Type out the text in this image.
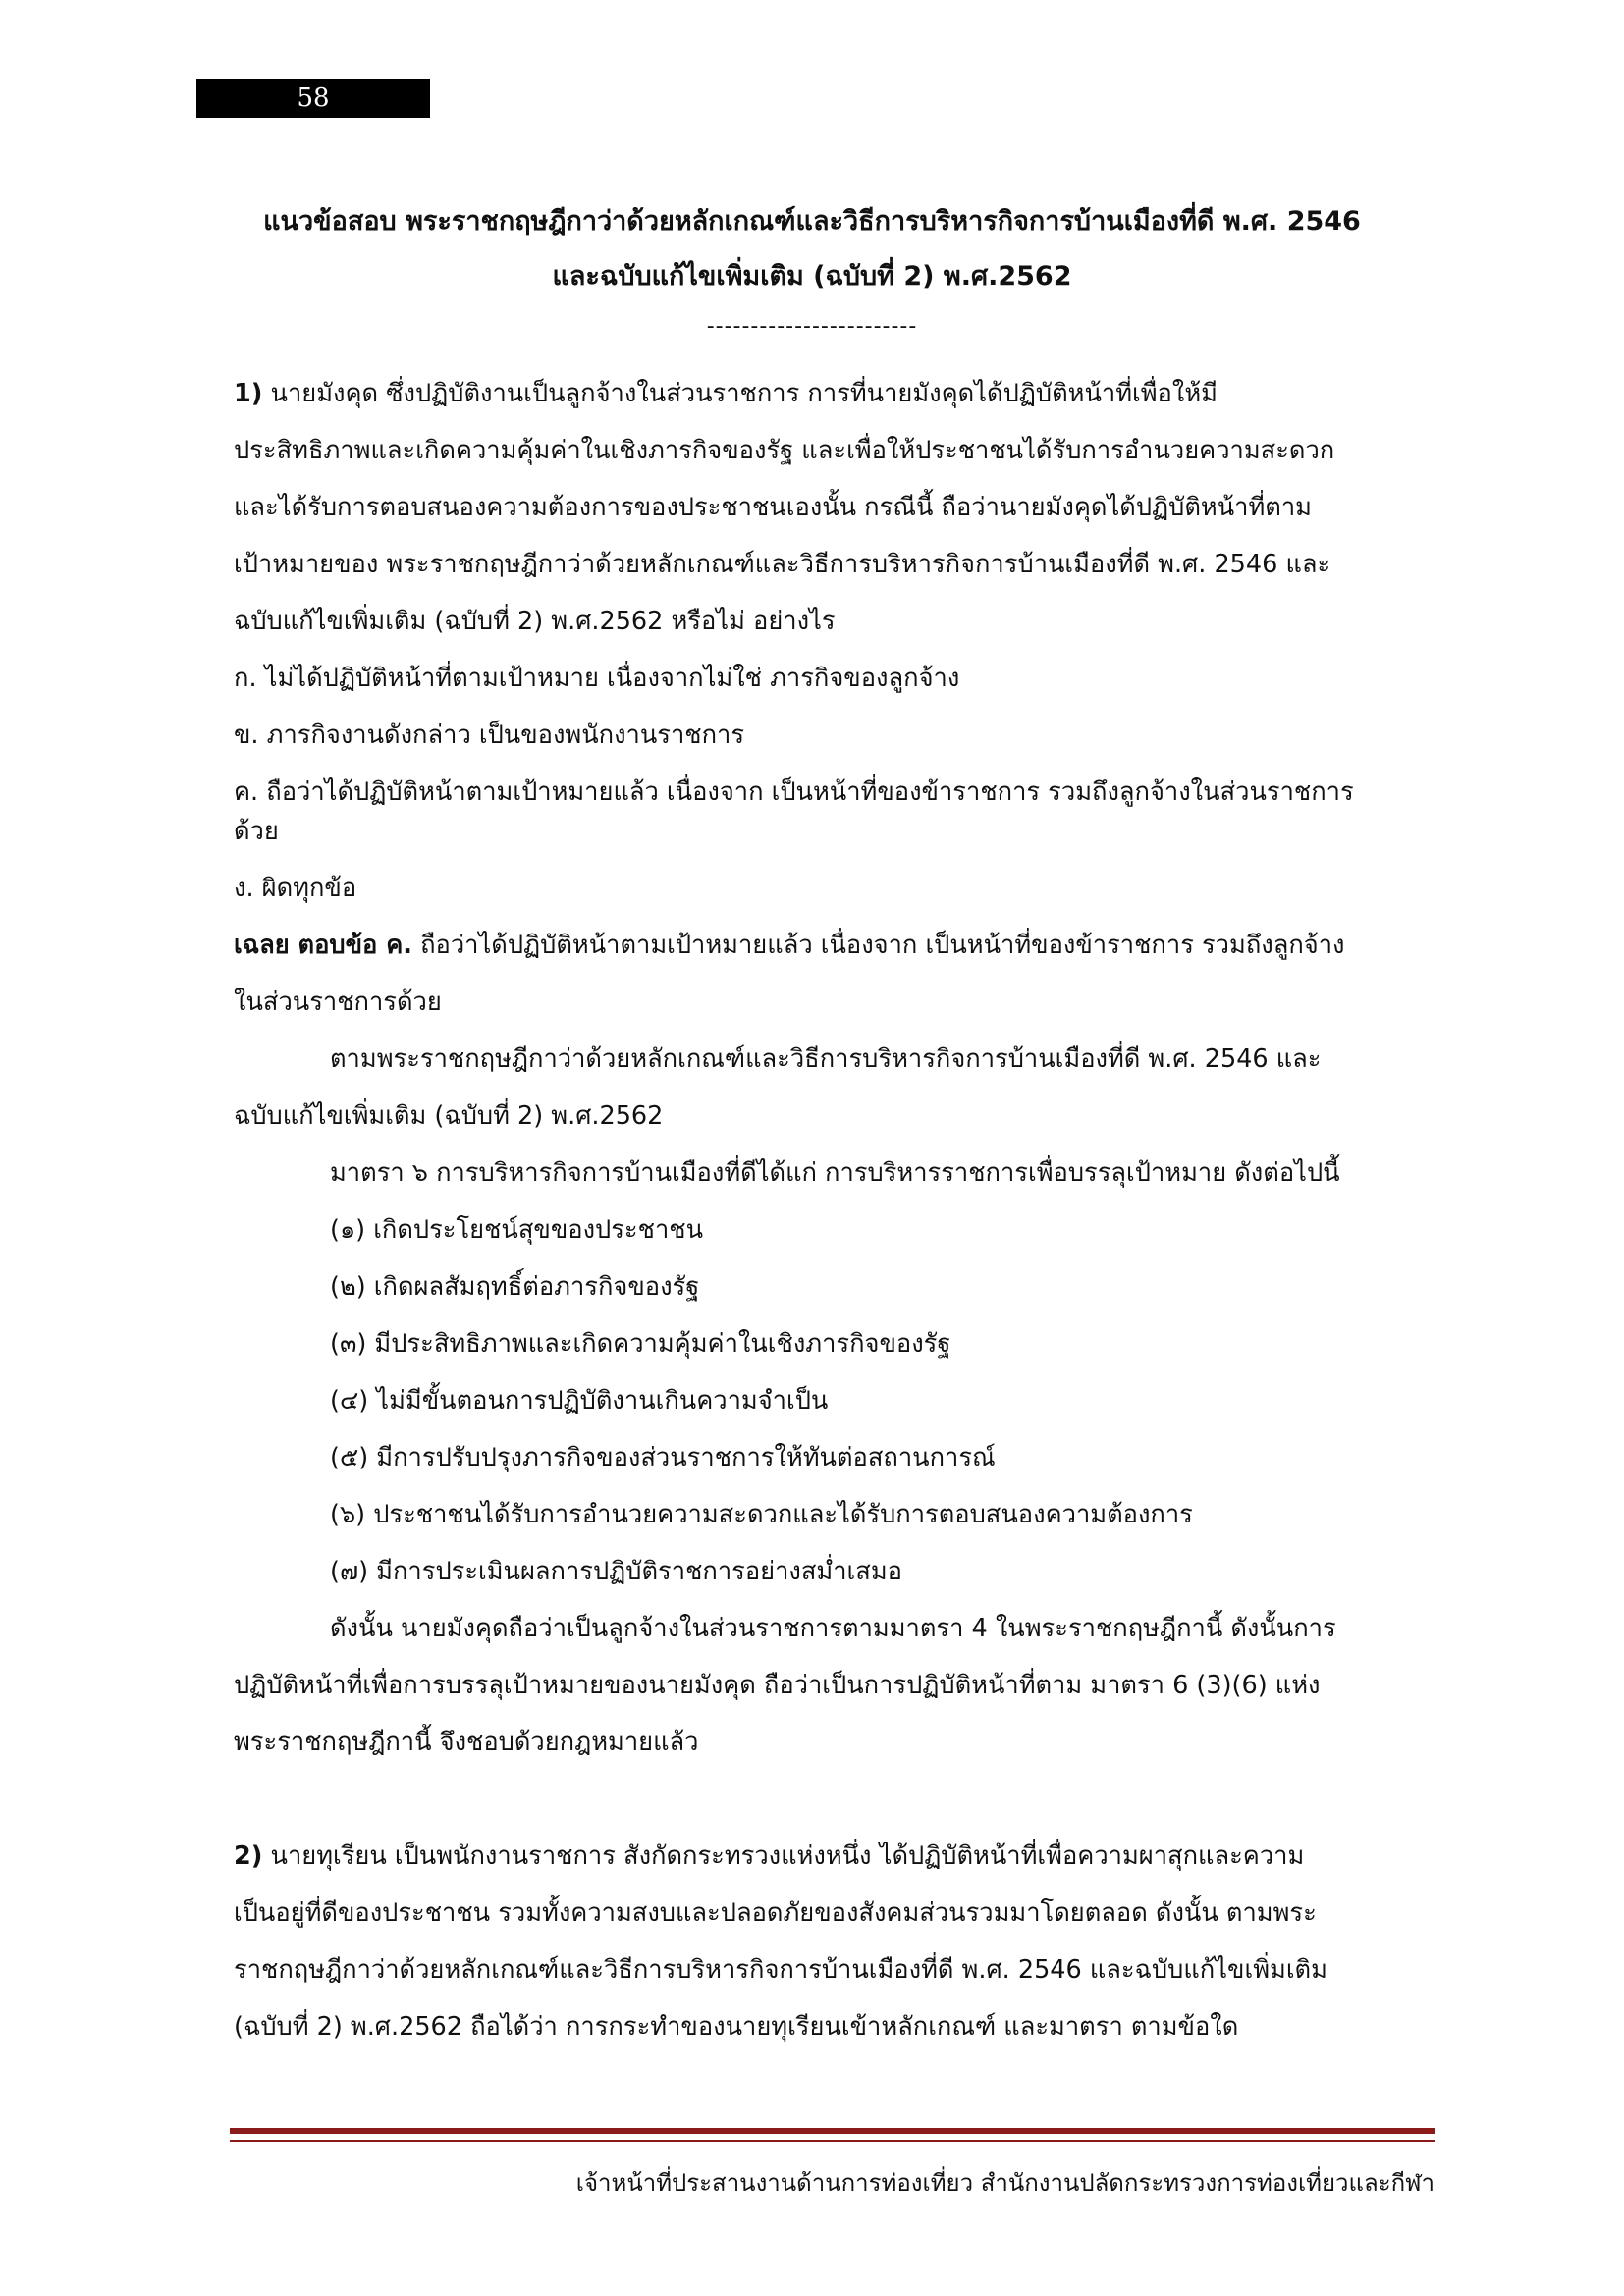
58
แนวข้อสอบ พระราชกฤษฎีกาว่าด้วยหลักเกณฑ์และวิธีการบริหารกิจการบ้านเมืองที่ดี พ.ศ. 2546
และฉบับแก้ไขเพิ่มเติม (ฉบับที่ 2) พ.ศ.2562
------------------------

1) นายมังคุด ซึ่งปฏิบัติงานเป็นลูกจ้างในส่วนราชการ การที่นายมังคุดได้ปฏิบัติหน้าที่เพื่อให้มี

ประสิทธิภาพและเกิดความคุ้มค่าในเชิงภารกิจของรัฐ และเพื่อให้ประชาชนได้รับการอำนวยความสะดวก

และได้รับการตอบสนองความต้องการของประชาชนเองนั้น กรณีนี้ ถือว่านายมังคุดได้ปฏิบัติหน้าที่ตาม

เป้าหมายของ พระราชกฤษฎีกาว่าด้วยหลักเกณฑ์และวิธีการบริหารกิจการบ้านเมืองที่ดี พ.ศ. 2546 และ

ฉบับแก้ไขเพิ่มเติม (ฉบับที่ 2) พ.ศ.2562 หรือไม่ อย่างไร

ก. ไม่ได้ปฏิบัติหน้าที่ตามเป้าหมาย เนื่องจากไม่ใช่ ภารกิจของลูกจ้าง

ข. ภารกิจงานดังกล่าว เป็นของพนักงานราชการ

ค. ถือว่าได้ปฏิบัติหน้าตามเป้าหมายแล้ว เนื่องจาก เป็นหน้าที่ของข้าราชการ รวมถึงลูกจ้างในส่วนราชการ

ด้วย

ง. ผิดทุกข้อ

เฉลย ตอบข้อ ค. ถือว่าได้ปฏิบัติหน้าตามเป้าหมายแล้ว เนื่องจาก เป็นหน้าที่ของข้าราชการ รวมถึงลูกจ้าง

ในส่วนราชการด้วย

ตามพระราชกฤษฎีกาว่าด้วยหลักเกณฑ์และวิธีการบริหารกิจการบ้านเมืองที่ดี พ.ศ. 2546 และ

ฉบับแก้ไขเพิ่มเติม (ฉบับที่ 2) พ.ศ.2562

มาตรา ๖ การบริหารกิจการบ้านเมืองที่ดีได้แก่ การบริหารราชการเพื่อบรรลุเป้าหมาย ดังต่อไปนี้

(๑) เกิดประโยชน์สุขของประชาชน

(๒) เกิดผลสัมฤทธิ์ต่อภารกิจของรัฐ

(๓) มีประสิทธิภาพและเกิดความคุ้มค่าในเชิงภารกิจของรัฐ

(๔) ไม่มีขั้นตอนการปฏิบัติงานเกินความจำเป็น

(๕) มีการปรับปรุงภารกิจของส่วนราชการให้ทันต่อสถานการณ์

(๖) ประชาชนได้รับการอำนวยความสะดวกและได้รับการตอบสนองความต้องการ

(๗) มีการประเมินผลการปฏิบัติราชการอย่างสม่ำเสมอ

ดังนั้น นายมังคุดถือว่าเป็นลูกจ้างในส่วนราชการตามมาตรา 4 ในพระราชกฤษฎีกานี้ ดังนั้นการ

ปฏิบัติหน้าที่เพื่อการบรรลุเป้าหมายของนายมังคุด ถือว่าเป็นการปฏิบัติหน้าที่ตาม มาตรา 6 (3)(6) แห่ง

พระราชกฤษฎีกานี้ จึงชอบด้วยกฎหมายแล้ว

2) นายทุเรียน เป็นพนักงานราชการ สังกัดกระทรวงแห่งหนึ่ง ได้ปฏิบัติหน้าที่เพื่อความผาสุกและความ

เป็นอยู่ที่ดีของประชาชน รวมทั้งความสงบและปลอดภัยของสังคมส่วนรวมมาโดยตลอด ดังนั้น ตามพระ

ราชกฤษฎีกาว่าด้วยหลักเกณฑ์และวิธีการบริหารกิจการบ้านเมืองที่ดี พ.ศ. 2546 และฉบับแก้ไขเพิ่มเติม

(ฉบับที่ 2) พ.ศ.2562 ถือได้ว่า การกระทำของนายทุเรียนเข้าหลักเกณฑ์ และมาตรา ตามข้อใด

เจ้าหน้าที่ประสานงานด้านการท่องเที่ยว สำนักงานปลัดกระทรวงการท่องเที่ยวและกีฬา
